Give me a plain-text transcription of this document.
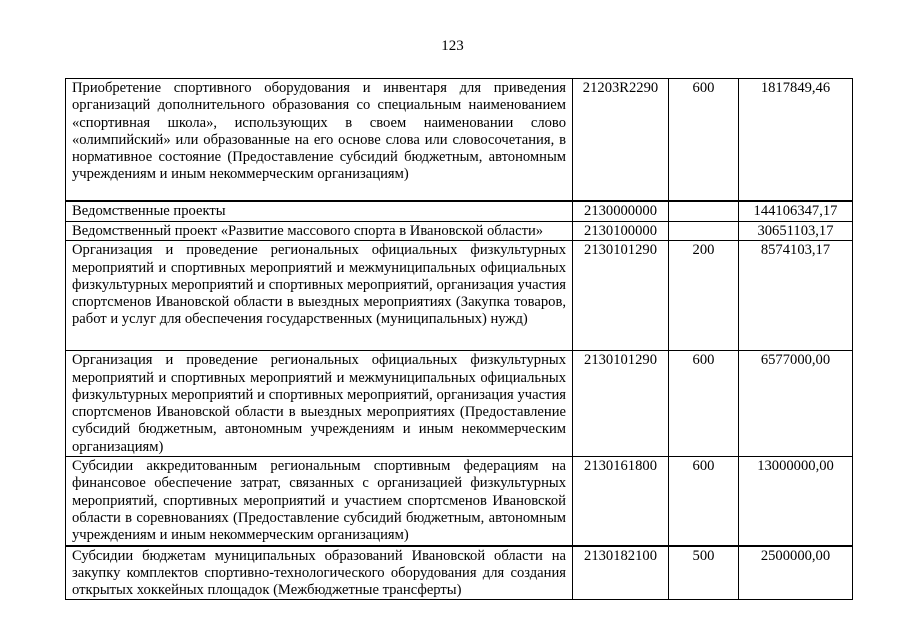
123
Приобретение спортивного оборудования и инвентаря для приведения организаций дополнительного образования со специальным наименованием «спортивная школа», использующих в своем наименовании слово «олимпийский» или образованные на его основе слова или словосочетания, в нормативное состояние (Предоставление субсидий бюджетным, автономным учреждениям и иным некоммерческим организациям)	21203R2290	600	1817849,46
Ведомственные проекты	2130000000		144106347,17
Ведомственный проект «Развитие массового спорта в Ивановской области»	2130100000		30651103,17
Организация и проведение региональных официальных физкультурных мероприятий и спортивных мероприятий и межмуниципальных официальных физкультурных мероприятий и спортивных мероприятий, организация участия спортсменов Ивановской области в выездных мероприятиях (Закупка товаров, работ и услуг для обеспечения государственных (муниципальных) нужд)	2130101290	200	8574103,17
Организация и проведение региональных официальных физкультурных мероприятий и спортивных мероприятий и межмуниципальных официальных физкультурных мероприятий и спортивных мероприятий, организация участия спортсменов Ивановской области в выездных мероприятиях (Предоставление субсидий бюджетным, автономным учреждениям и иным некоммерческим организациям)	2130101290	600	6577000,00
Субсидии аккредитованным региональным спортивным федерациям на финансовое обеспечение затрат, связанных с организацией физкультурных мероприятий, спортивных мероприятий и участием спортсменов Ивановской области в соревнованиях (Предоставление субсидий бюджетным, автономным учреждениям и иным некоммерческим организациям)	2130161800	600	13000000,00
Субсидии бюджетам муниципальных образований Ивановской области на закупку комплектов спортивно-технологического оборудования для создания открытых хоккейных площадок (Межбюджетные трансферты)	2130182100	500	2500000,00
